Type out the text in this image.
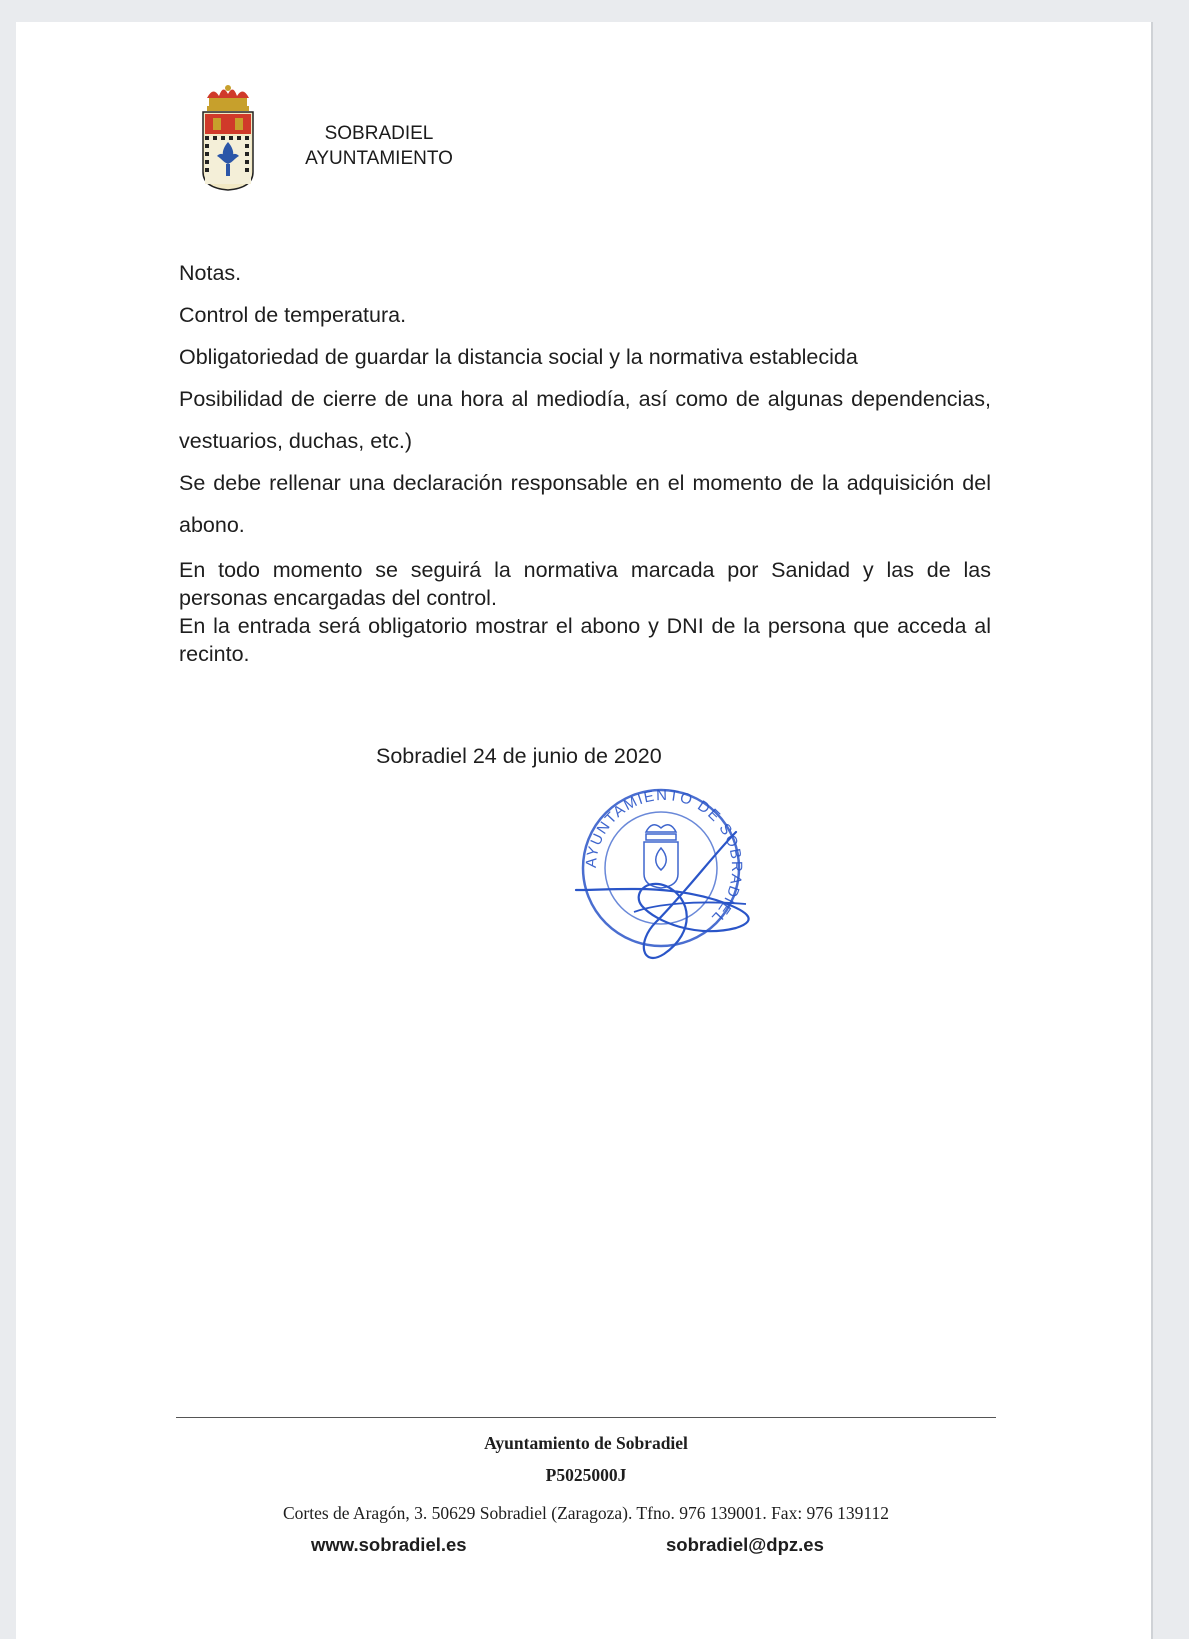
SOBRADIEL
AYUNTAMIENTO

Notas.

Control de temperatura.

Obligatoriedad de guardar la distancia social y la normativa establecida

Posibilidad de cierre de una hora al mediodía, así como de algunas dependencias, vestuarios, duchas, etc.)

Se debe rellenar una declaración responsable en el momento de la adquisición del abono.

En todo momento se seguirá la normativa marcada por Sanidad y las de las personas encargadas del control.

En la entrada será obligatorio mostrar el abono y DNI de la persona que acceda al recinto.

Sobradiel 24 de junio de 2020
AYUNTAMIENTO DE SOBRADIEL
Ayuntamiento de Sobradiel
P5025000J
Cortes de Aragón, 3. 50629 Sobradiel (Zaragoza). Tfno. 976 139001. Fax: 976 139112
www.sobradiel.es	sobradiel@dpz.es
